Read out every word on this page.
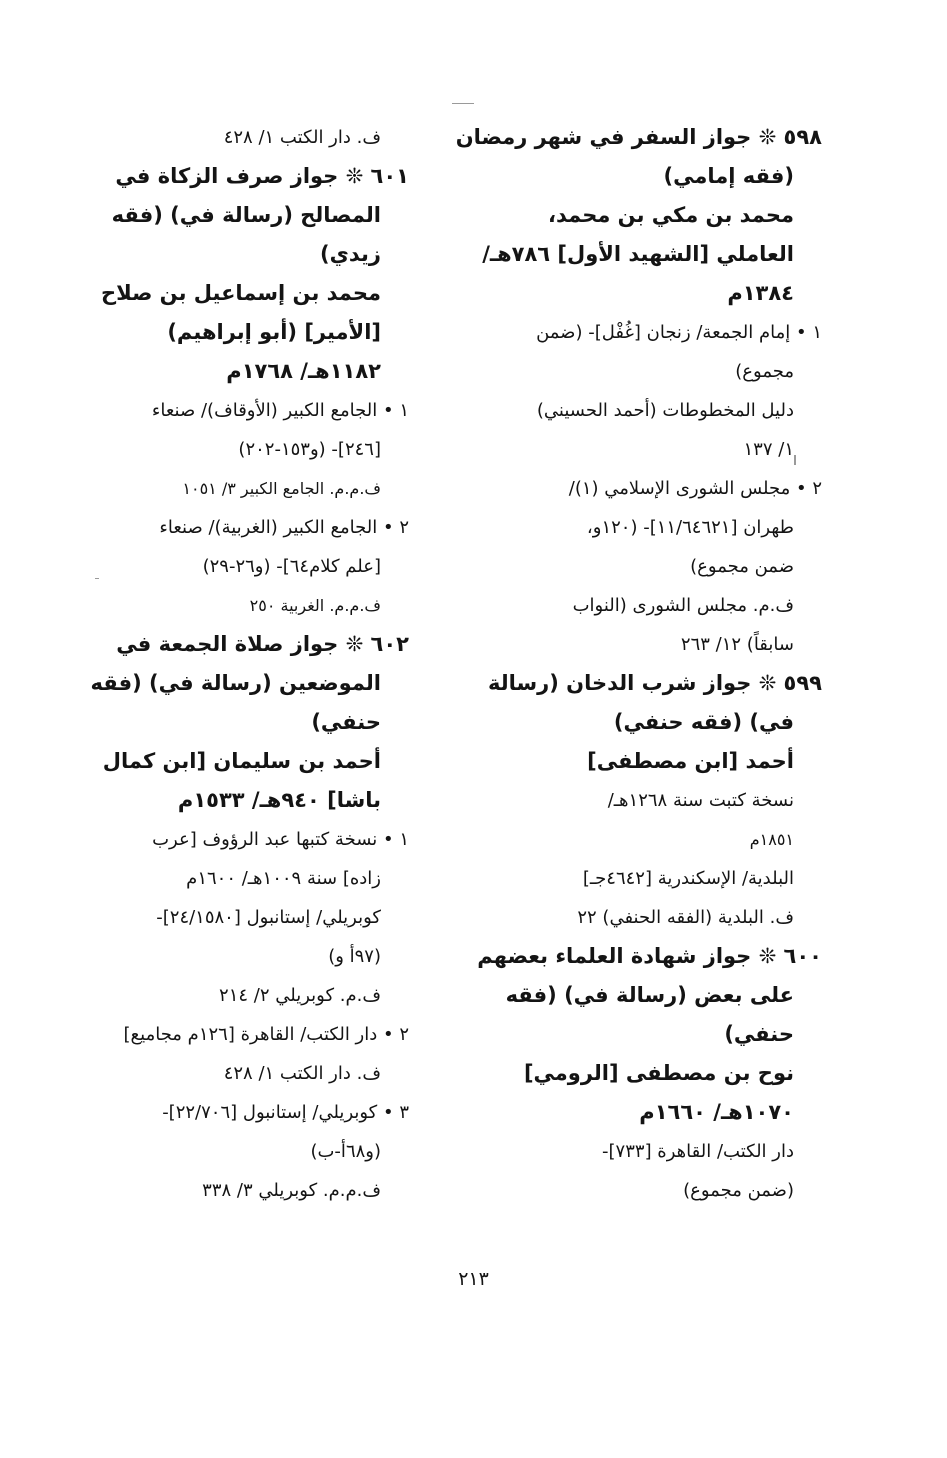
٥٩٨ ❊ جواز السفر في شهر رمضان
(فقه إمامي)
محمد بن مكي بن محمد،
العاملي [الشهيد الأول] ٧٨٦هـ/
١٣٨٤م
١ • إمام الجمعة/ زنجان [غُفْل]- (ضمن
مجموع)
دليل المخطوطات (أحمد الحسيني)
١/ ١٣٧
٢ • مجلس الشورى الإسلامي (١)/
طهران [١١/٦٤٦٢١]- (١٢٠و،
ضمن مجموع)
ف.م. مجلس الشورى (النواب
سابقاً) ١٢/ ٢٦٣
٥٩٩ ❊ جواز شرب الدخان (رسالة
في) (فقه حنفي)
أحمد [ابن مصطفى]
نسخة كتبت سنة ١٢٦٨هـ/
١٨٥١م
البلدية/ الإسكندرية [٤٦٤٢جـ]
ف. البلدية (الفقه الحنفي) ٢٢
٦٠٠ ❊ جواز شهادة العلماء بعضهم
على بعض (رسالة في) (فقه
حنفي)
نوح بن مصطفى [الرومي]
١٠٧٠هـ/ ١٦٦٠م
دار الكتب/ القاهرة [٧٣٣]-
(ضمن مجموع)
ف. دار الكتب ١/ ٤٢٨
٦٠١ ❊ جواز صرف الزكاة في
المصالح (رسالة في) (فقه
زيدي)
محمد بن إسماعيل بن صلاح
[الأمير] (أبو إبراهيم)
١١٨٢هـ/ ١٧٦٨م
١ • الجامع الكبير (الأوقاف)/ صنعاء
[٢٤٦]- (و١٥٣-٢٠٢)
ف.م.م. الجامع الكبير ٣/ ١٠٥١
٢ • الجامع الكبير (الغربية)/ صنعاء
[علم كلام٦٤]- (و٢٦-٢٩)
ف.م.م. الغربية ٢٥٠
٦٠٢ ❊ جواز صلاة الجمعة في
الموضعين (رسالة في) (فقه
حنفي)
أحمد بن سليمان [ابن كمال
باشا] ٩٤٠هـ/ ١٥٣٣م
١ • نسخة كتبها عبد الرؤوف [عرب
زاده] سنة ١٠٠٩هـ/ ١٦٠٠م
كوبريلي/ إستانبول [٢٤/١٥٨٠]-
(٩٧أ و)
ف.م. كوبريلي ٢/ ٢١٤
٢ • دار الكتب/ القاهرة [١٢٦م مجاميع]
ف. دار الكتب ١/ ٤٢٨
٣ • كوبريلي/ إستانبول [٢٢/٧٠٦]-
(و٦٨أ-ب)
ف.م.م. كوبريلي ٣/ ٣٣٨
٢١٣
